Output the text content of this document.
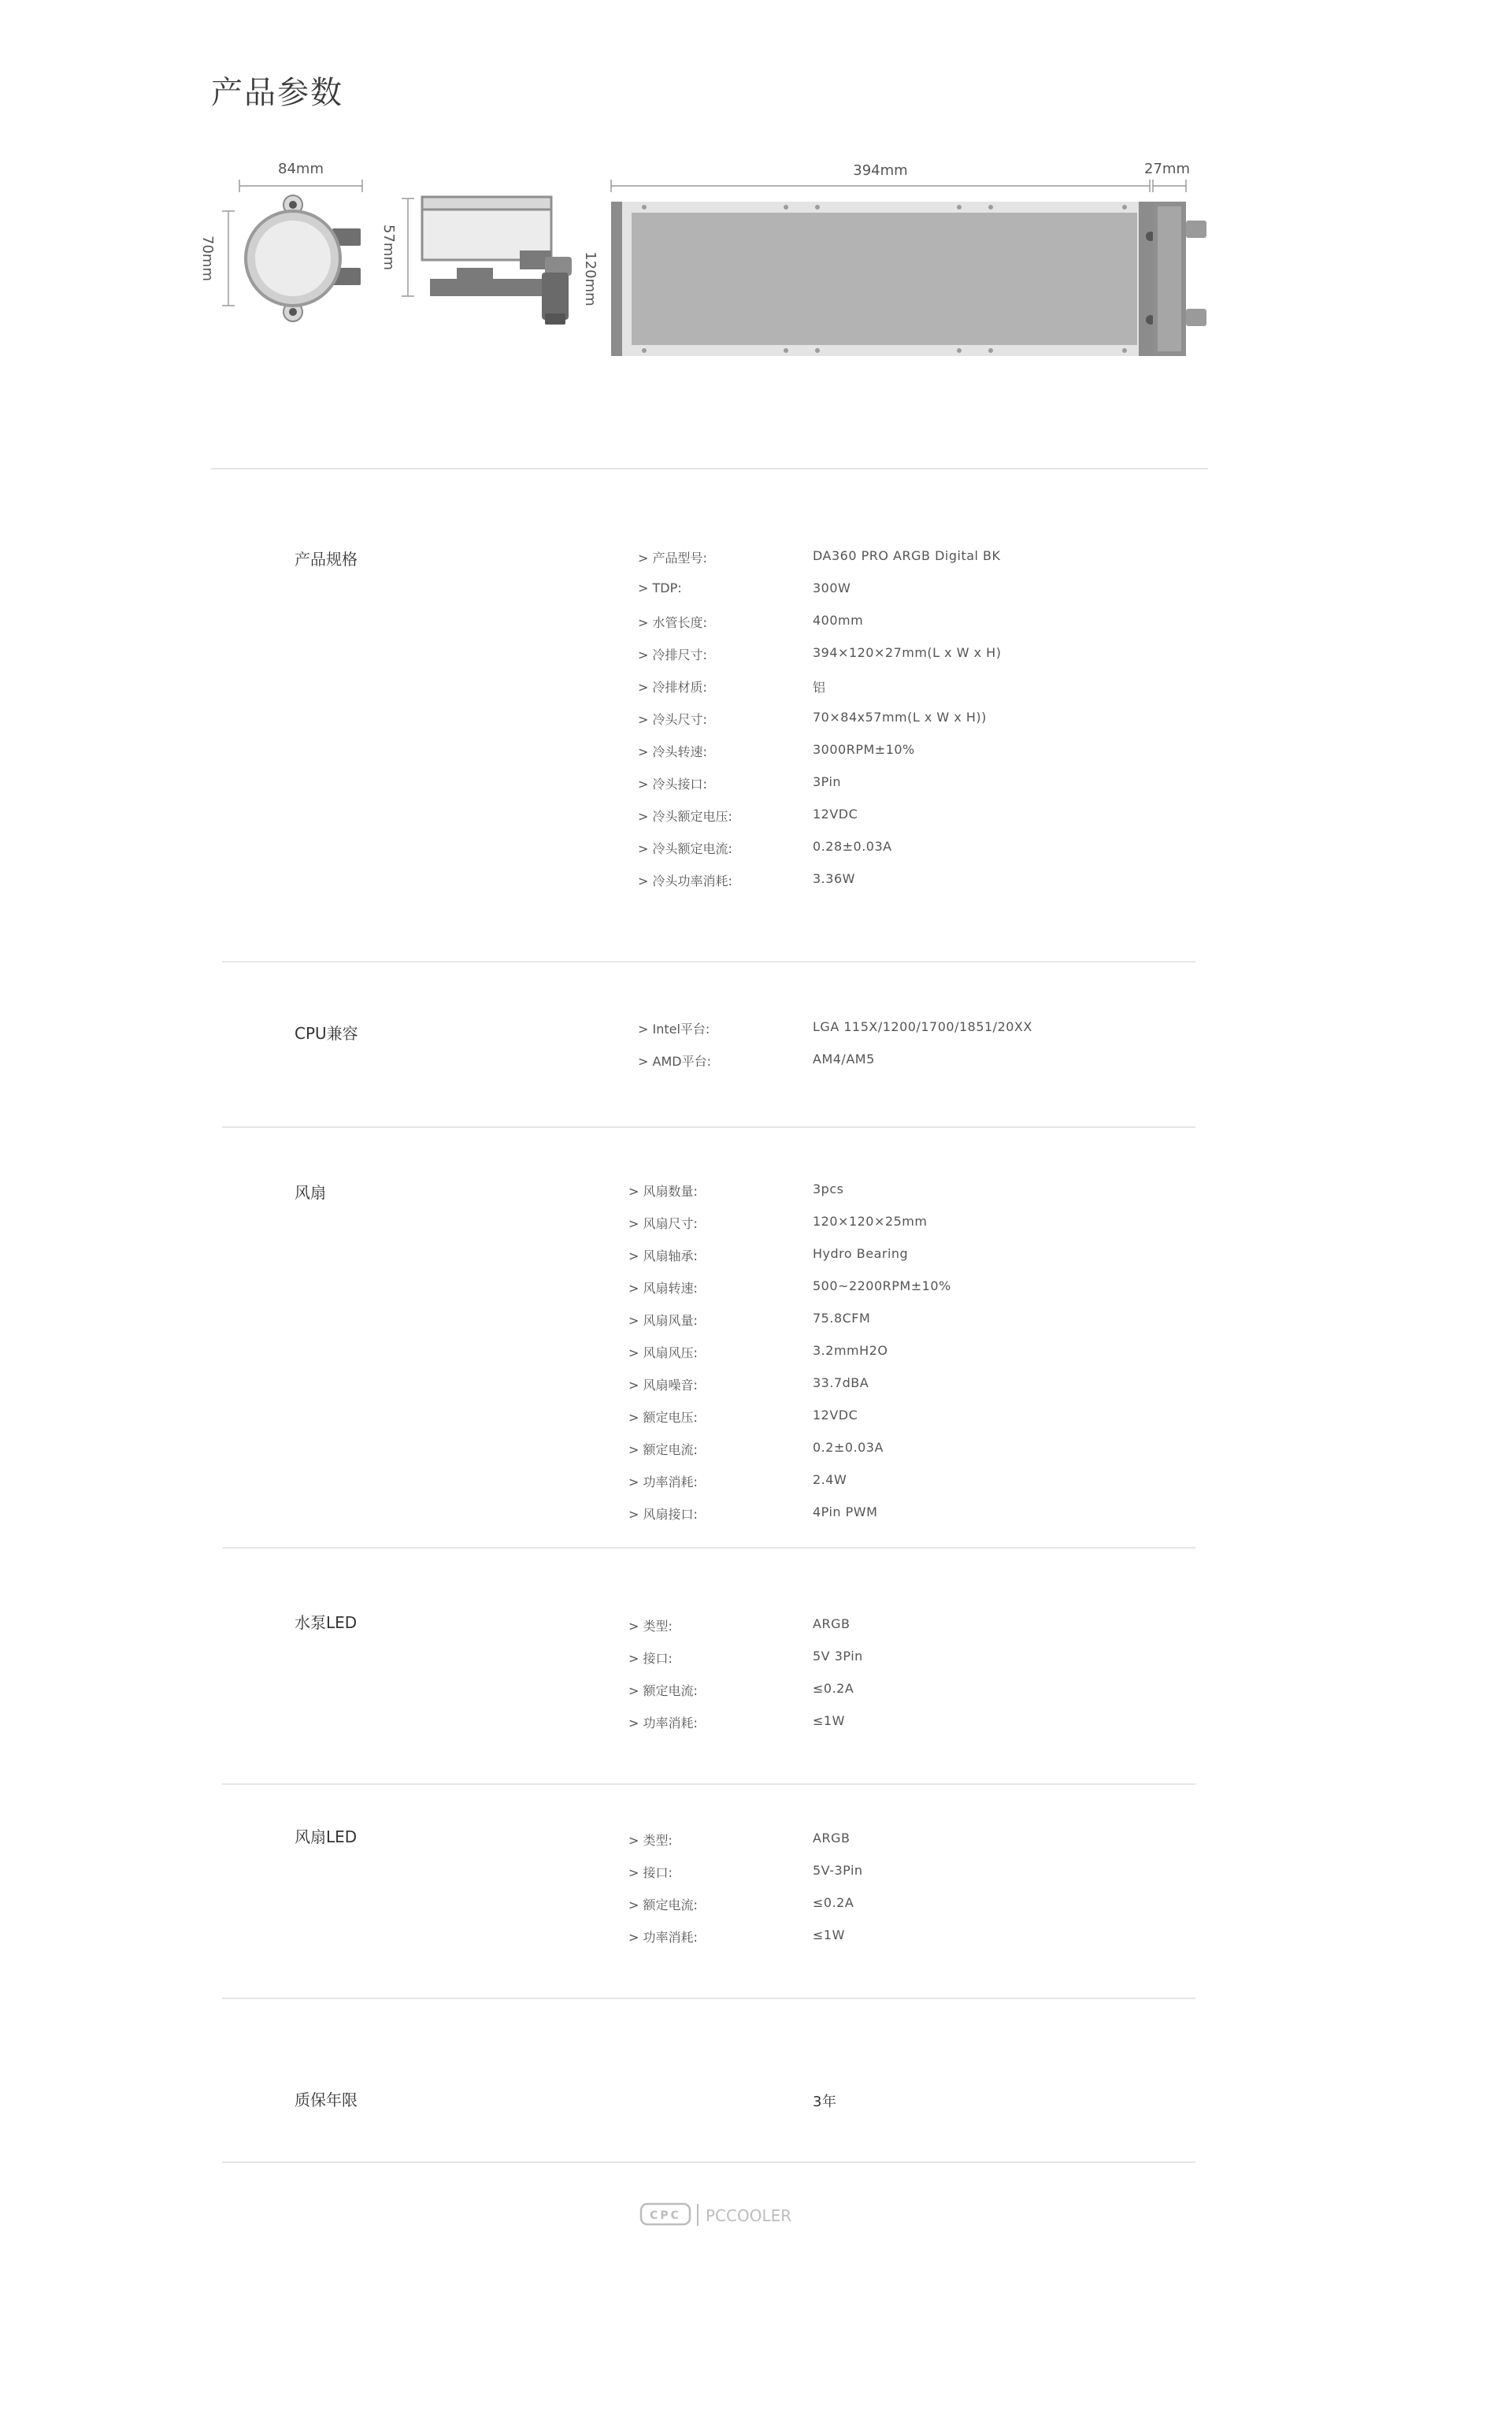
产品参数
84mm	394mm	27mm
70mm	57mm
120mm
产品规格	> 产品型号:	DA360 PRO ARGB Digital BK
> TDP:	300W
> 水管长度:	400mm
> 冷排尺寸:	394×120×27mm(L x W x H)
> 冷排材质:	铝
> 冷头尺寸:	70×84x57mm(L x W x H))
> 冷头转速:	3000RPM±10%
> 冷头接口:	3Pin
> 冷头额定电压:	12VDC
> 冷头额定电流:	0.28±0.03A
> 冷头功率消耗:	3.36W
CPU兼容	> Intel平台:	LGA 115X/1200/1700/1851/20XX
> AMD平台:	AM4/AM5
风扇	> 风扇数量:	3pcs
> 风扇尺寸:	120×120×25mm
> 风扇轴承:	Hydro Bearing
> 风扇转速:	500~2200RPM±10%
> 风扇风量:	75.8CFM
> 风扇风压:	3.2mmH2O
> 风扇噪音:	33.7dBA
> 额定电压:	12VDC
> 额定电流:	0.2±0.03A
> 功率消耗:	2.4W
> 风扇接口:	4Pin PWM
水泵LED	> 类型:	ARGB
> 接口:	5V 3Pin
> 额定电流:	≤0.2A
> 功率消耗:	≤1W
风扇LED	> 类型:	ARGB
> 接口:	5V-3Pin
> 额定电流:	≤0.2A
> 功率消耗:	≤1W
质保年限	3年
CPC PCCOOLER
